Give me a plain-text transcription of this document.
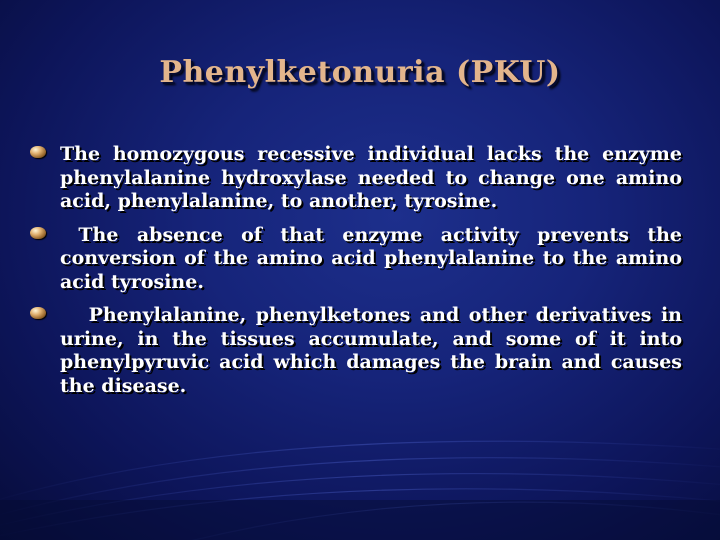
Phenylketonuria (PKU)
The homozygous recessive individual lacks the enzyme phenylalanine hydroxylase needed to change one amino acid, phenylalanine, to another, tyrosine.
The absence of that enzyme activity prevents the conversion of the amino acid phenylalanine to the amino acid tyrosine.
Phenylalanine, phenylketones and other derivatives in urine, in the tissues accumulate, and some of it into phenylpyruvic acid which damages the brain and causes the disease.
